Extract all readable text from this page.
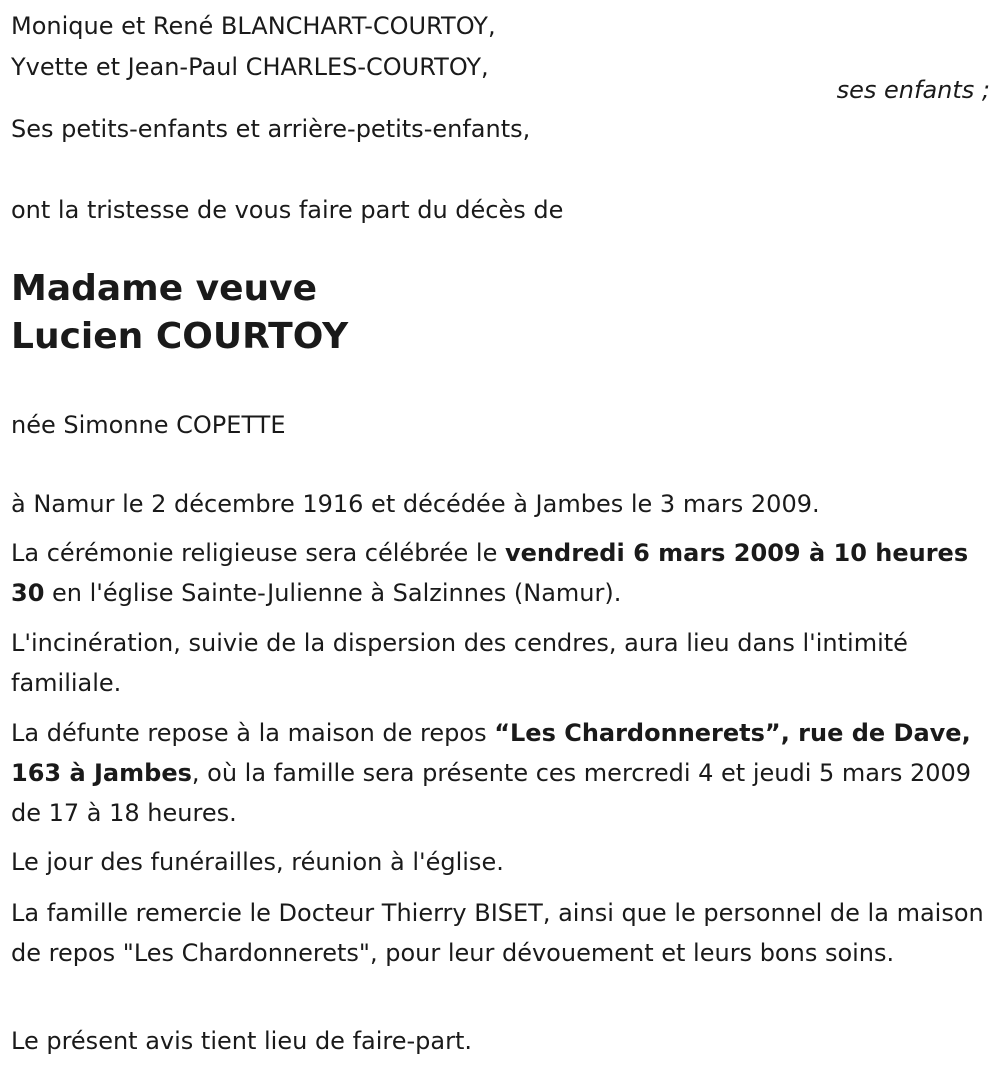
Monique et René BLANCHART-COURTOY,
Yvette et Jean-Paul CHARLES-COURTOY,
ses enfants ;
Ses petits-enfants et arrière-petits-enfants,
ont la tristesse de vous faire part du décès de
Madame veuve
Lucien COURTOY
née Simonne COPETTE
à Namur le 2 décembre 1916 et décédée à Jambes le 3 mars 2009.

La cérémonie religieuse sera célébrée le vendredi 6 mars 2009 à 10 heures 30 en l'église Sainte-Julienne à Salzinnes (Namur).

L'incinération, suivie de la dispersion des cendres, aura lieu dans l'intimité familiale.

La défunte repose à la maison de repos “Les Chardonnerets”, rue de Dave, 163 à Jambes, où la famille sera présente ces mercredi 4 et jeudi 5 mars 2009 de 17 à 18 heures.

Le jour des funérailles, réunion à l'église.

La famille remercie le Docteur Thierry BISET, ainsi que le personnel de la maison de repos "Les Chardonnerets", pour leur dévouement et leurs bons soins.

Le présent avis tient lieu de faire-part.
